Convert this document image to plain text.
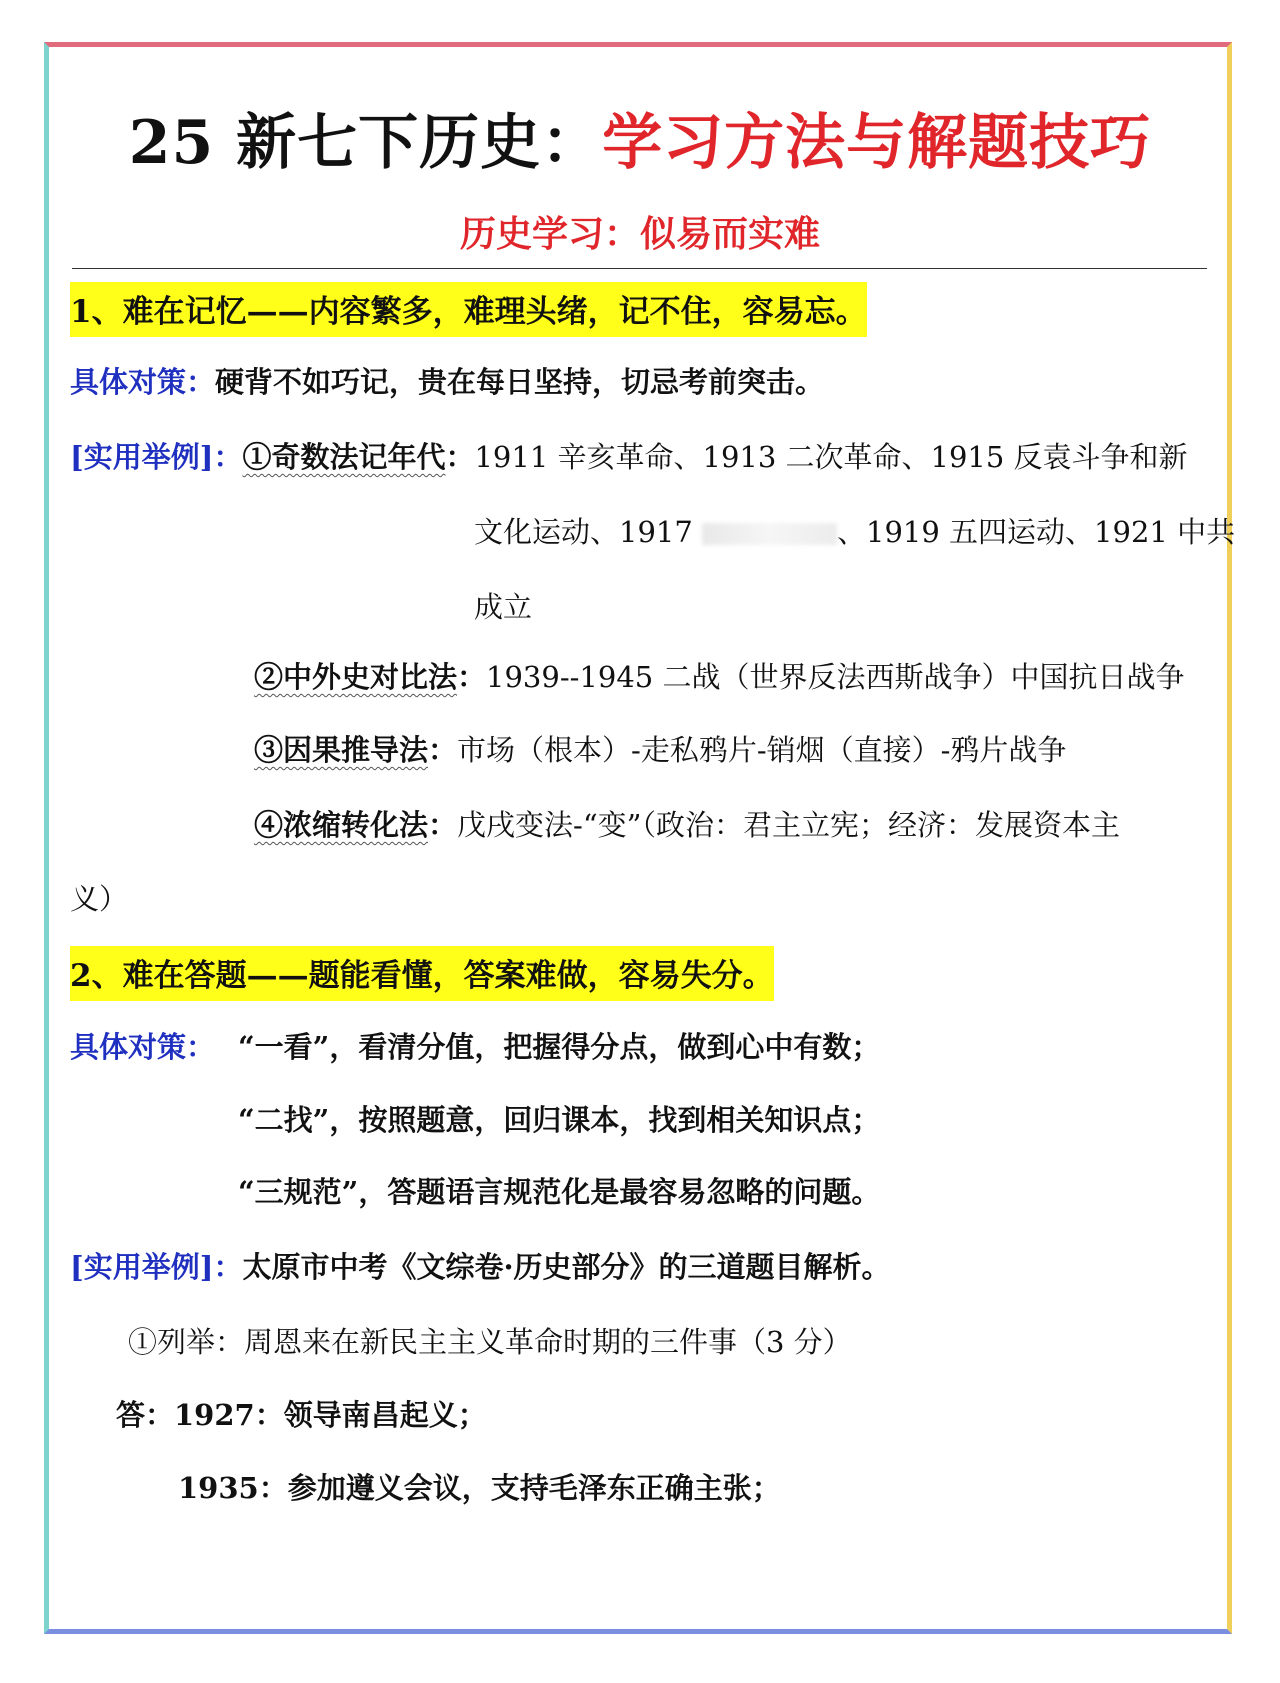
25 新七下历史：学习方法与解题技巧
历史学习：似易而实难
1、难在记忆——内容繁多，难理头绪，记不住，容易忘。
具体对策：硬背不如巧记，贵在每日坚持，切忌考前突击。
[实用举例]：①奇数法记年代：1911 辛亥革命、1913 二次革命、1915 反袁斗争和新
文化运动、1917	、1919 五四运动、1921 中共
成立
②中外史对比法：1939--1945 二战（世界反法西斯战争）中国抗日战争
③因果推导法：市场（根本）-走私鸦片-销烟（直接）-鸦片战争
④浓缩转化法：戊戌变法-“变”（政治：君主立宪；经济：发展资本主
义）
2、难在答题——题能看懂，答案难做，容易失分。
具体对策： “一看”，看清分值，把握得分点，做到心中有数；
“二找”，按照题意，回归课本，找到相关知识点；
“三规范”，答题语言规范化是最容易忽略的问题。
[实用举例]：太原市中考《文综卷·历史部分》的三道题目解析。
①列举：周恩来在新民主主义革命时期的三件事（3 分）
答：1927：领导南昌起义；
1935：参加遵义会议，支持毛泽东正确主张；
